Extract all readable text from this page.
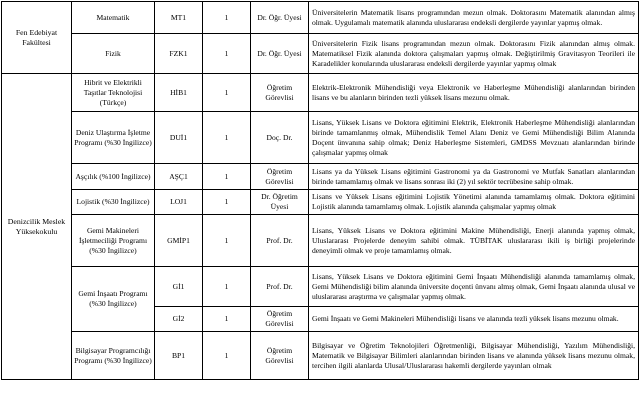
Fen Edebiyat Fakültesi	Matematik	MT1	1	Dr. Öğr. Üyesi	Üniversitelerin Matematik lisans programından mezun olmak. Doktorasını Matematik alanından almış olmak. Uygulamalı matematik alanında uluslararası endeksli dergilerde yayınlar yapmış olmak.
	Fizik	FZK1	1	Dr. Öğr. Üyesi	Üniversitelerin Fizik lisans programından mezun olmak. Doktorasını Fizik alanından almış olmak. Matematiksel Fizik alanında doktora çalışmaları yapmış olmak. Değiştirilmiş Gravitasyon Teorileri ile Karadelikler konularında uluslararası endeksli dergilerde yayınlar yapmış olmak
Denizcilik Meslek Yüksekokulu	Hibrit ve Elektrikli Taşıtlar Teknolojisi (Türkçe)	HİB1	1	Öğretim Görevlisi	Elektrik-Elektronik Mühendisliği veya Elektronik ve Haberleşme Mühendisliği alanlarından birinden lisans ve bu alanların birinden tezli yüksek lisans mezunu olmak.
	Deniz Ulaştırma İşletme Programı (%30 İngilizce)	DUİ1	1	Doç. Dr.	Lisans, Yüksek Lisans ve Doktora eğitimini Elektrik, Elektronik Haberleşme Mühendisliği alanlarından birinde tamamlanmış olmak, Mühendislik Temel Alanı Deniz ve Gemi Mühendisliği Bilim Alanında Doçent ünvanına sahip olmak; Deniz Haberleşme Sistemleri, GMDSS Mevzuatı alanlarından birinde çalışmalar yapmış olmak
	Aşçılık (%100 İngilizce)	AŞÇ1	1	Öğretim Görevlisi	Lisans ya da Yüksek Lisans eğitimini Gastronomi ya da Gastronomi ve Mutfak Sanatları alanlarından birinde tamamlamış olmak ve lisans sonrası iki (2) yıl sektör tecrübesine sahip olmak.
	Lojistik (%30 İngilizce)	LOJ1	1	Dr. Öğretim Üyesi	Lisans ve Yüksek Lisans eğitimini Lojistik Yönetimi alanında tamamlamış olmak. Doktora eğitimini Lojistik alanında tamamlamış olmak. Lojistik alanında çalışmalar yapmış olmak
	Gemi Makineleri İşletmeciliği Programı (%30 İngilizce)	GMİP1	1	Prof. Dr.	Lisans, Yüksek Lisans ve Doktora eğitimini Makine Mühendisliği, Enerji alanında yapmış olmak, Uluslararası Projelerde deneyim sahibi olmak. TÜBİTAK uluslararası ikili iş birliği projelerinde deneyimli olmak ve proje tamamlamış olmak.
	Gemi İnşaatı Programı (%30 İngilizce)	Gİ1	1	Prof. Dr.	Lisans, Yüksek Lisans ve Doktora eğitimini Gemi İnşaatı Mühendisliği alanında tamamlamış olmak, Gemi Mühendisliği bilim alanında üniversite doçenti ünvanı almış olmak, Gemi İnşaatı alanında ulusal ve uluslararası araştırma ve çalışmalar yapmış olmak.
		Gİ2	1	Öğretim Görevlisi	Gemi İnşaatı ve Gemi Makineleri Mühendisliği lisans ve alanında tezli yüksek lisans mezunu olmak.
	Bilgisayar Programcılığı Programı (%30 İngilizce)	BP1	1	Öğretim Görevlisi	Bilgisayar ve Öğretim Teknolojileri Öğretmenliği, Bilgisayar Mühendisliği, Yazılım Mühendisliği, Matematik ve Bilgisayar Bilimleri alanlarından birinden lisans ve alanında yüksek lisans mezunu olmak, tercihen ilgili alanlarda Ulusal/Uluslararası hakemli dergilerde yayınları olmak
